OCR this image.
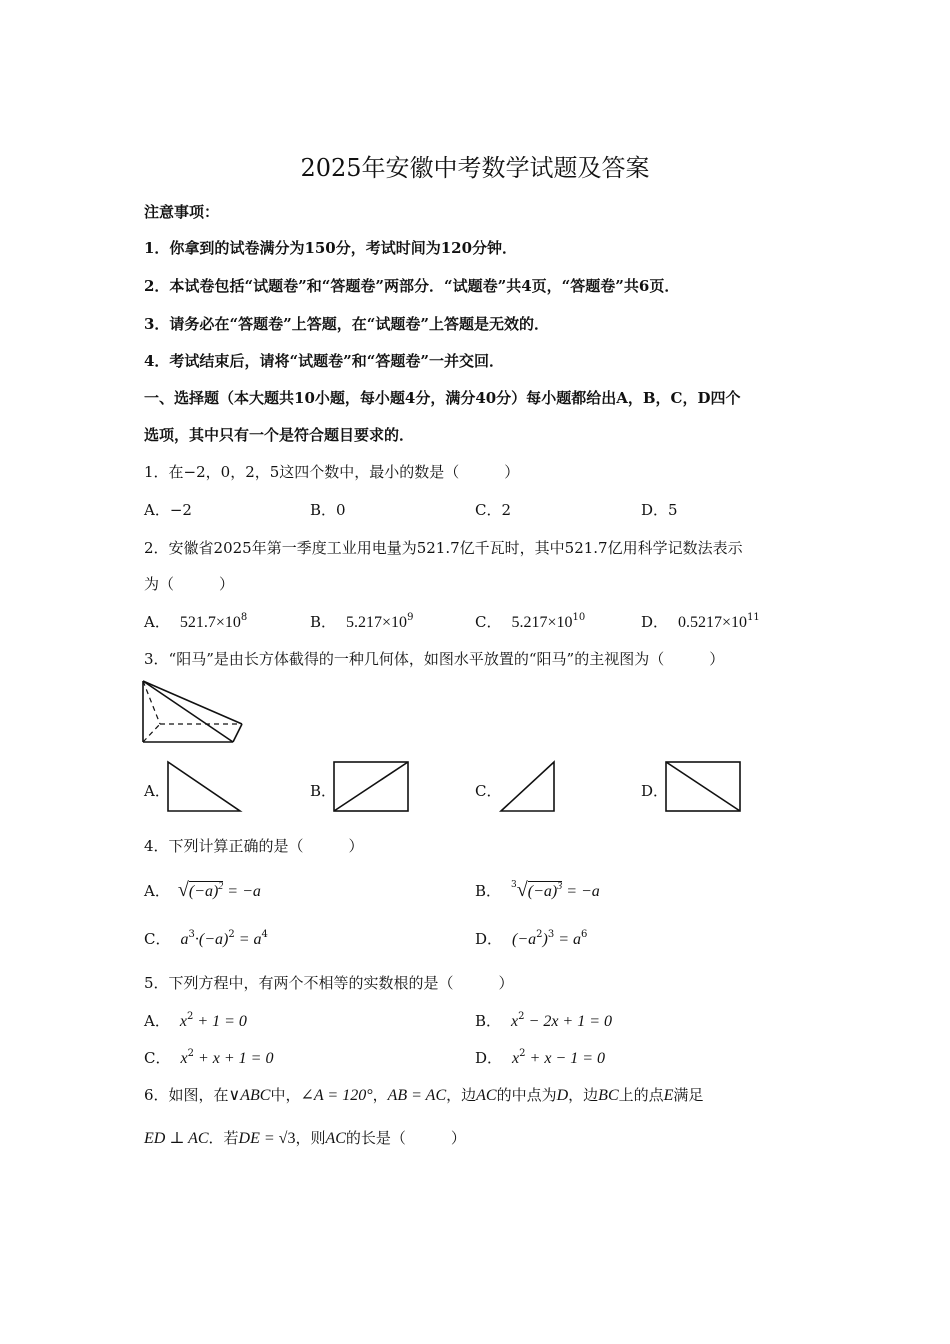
2025年安徽中考数学试题及答案
注意事项：
1．你拿到的试卷满分为150分，考试时间为120分钟．
2．本试卷包括“试题卷”和“答题卷”两部分．“试题卷”共4页，“答题卷”共6页．
3．请务必在“答题卷”上答题，在“试题卷”上答题是无效的．
4．考试结束后，请将“试题卷”和“答题卷”一并交回．
一、选择题（本大题共10小题，每小题4分，满分40分）每小题都给出A，B，C，D四个
选项，其中只有一个是符合题目要求的．
1．在−2，0，2，5这四个数中，最小的数是（　　　）
A．−2	B．0	C．2	D．5
2．安徽省2025年第一季度工业用电量为521.7亿千瓦时，其中521.7亿用科学记数法表示
为（　　　）
A． $521.7\times 10^8$	B． $5.217\times 10^9$	C． $5.217\times 10^{10}$	D． $0.5217\times 10^{11}$
3．“阳马”是由长方体截得的一种几何体，如图水平放置的“阳马”的主视图为（　　　）
A．	B．	C．	D．
4．下列计算正确的是（　　　）
A． $√(-a)^2 = -a$	B． $^3√(-a)^3 = -a$
C． $a^3\cdot(-a)^2 = a^4$	D． $(-a^2)^3 = a^6$
5．下列方程中，有两个不相等的实数根的是（　　　）
A． $x^2 + 1 = 0$	B． $x^2 - 2x + 1 = 0$
C． $x^2 + x + 1 = 0$	D． $x^2 + x - 1 = 0$
6．如图，在∨ABC中，∠A = 120°，AB = AC，边AC的中点为D，边BC上的点E满足
ED ⊥ AC．若DE = √3，则AC的长是（　　　）
